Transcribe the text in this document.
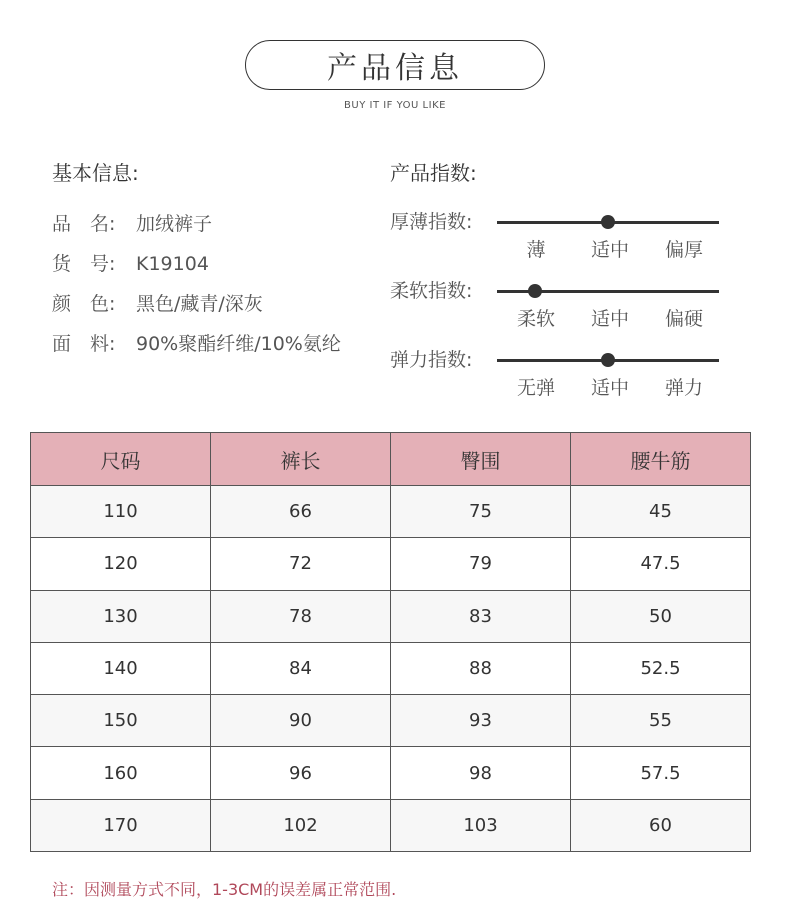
产品信息
BUY IT IF YOU LIKE
基本信息:
品　名:	加绒裤子
货　号:	K19104
颜　色:	黑色/藏青/深灰
面　料:	90%聚酯纤维/10%氨纶
产品指数:
厚薄指数:
薄 适中 偏厚
柔软指数:
柔软 适中 偏硬
弹力指数:
无弹 适中 弹力
尺码	裤长	臀围	腰牛筋
110	66	75	45
120	72	79	47.5
130	78	83	50
140	84	88	52.5
150	90	93	55
160	96	98	57.5
170	102	103	60
注：因测量方式不同，1-3CM的误差属正常范围.
